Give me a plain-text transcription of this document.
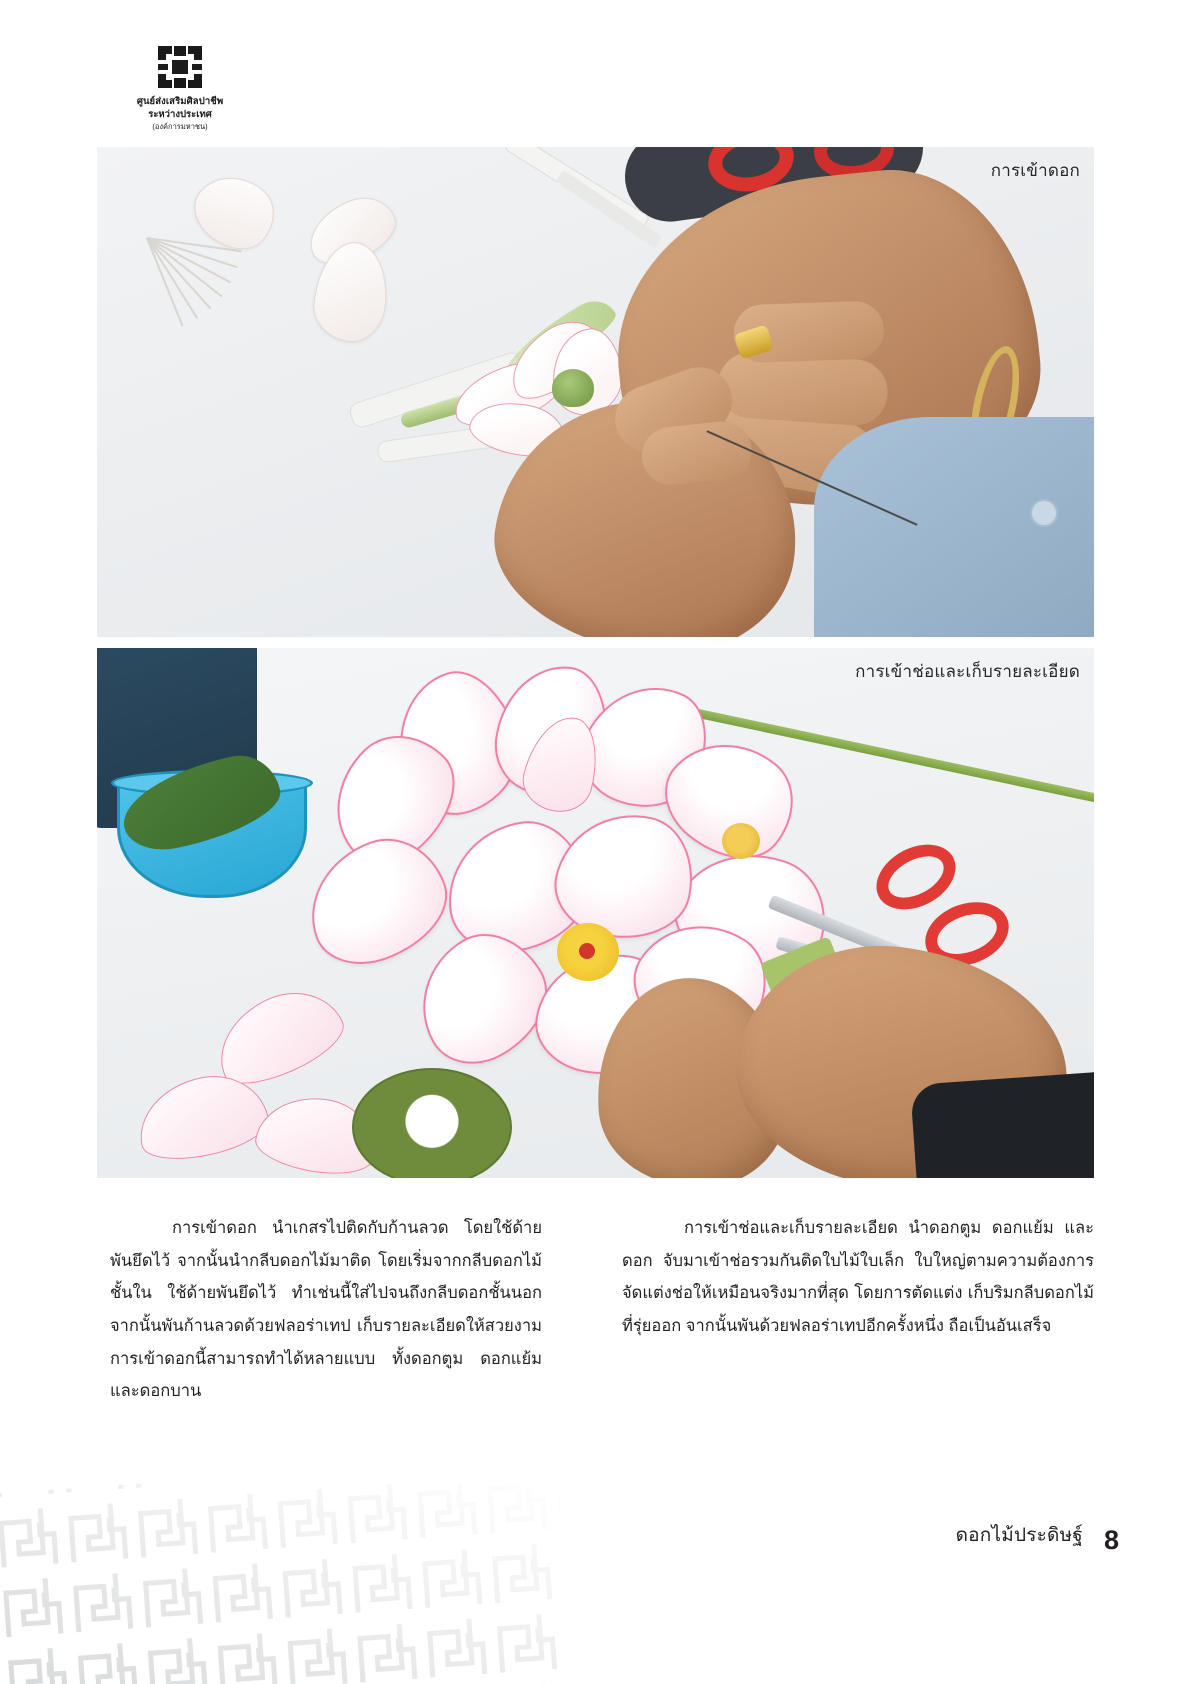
ศูนย์ส่งเสริมศิลปาชีพ
ระหว่างประเทศ
(องค์การมหาชน)
การเข้าดอก
การเข้าช่อและเก็บรายละเอียด
การเข้าดอก นำเกสรไปติดกับก้านลวด โดยใช้ด้ายพันยึดไว้ จากนั้นนำกลีบดอกไม้มาติด โดยเริ่มจากกลีบดอกไม้ชั้นใน ใช้ด้ายพันยึดไว้ ทำเช่นนี้ใส่ไปจนถึงกลีบดอกชั้นนอก จากนั้นพันก้านลวดด้วยฟลอร่าเทป เก็บรายละเอียดให้สวยงาม การเข้าดอกนี้สามารถทำได้หลายแบบ ทั้งดอกตูม ดอกแย้ม และดอกบาน
การเข้าช่อและเก็บรายละเอียด นำดอกตูม ดอกแย้ม และดอก จับมาเข้าช่อรวมกันติดใบไม้ใบเล็ก ใบใหญ่ตามความต้องการ จัดแต่งช่อให้เหมือนจริงมากที่สุด โดยการตัดแต่ง เก็บริมกลีบดอกไม้ที่รุ่ยออก จากนั้นพันด้วยฟลอร่าเทปอีกครั้งหนึ่ง ถือเป็นอันเสร็จ
ดอกไม้ประดิษฐ์ 8
